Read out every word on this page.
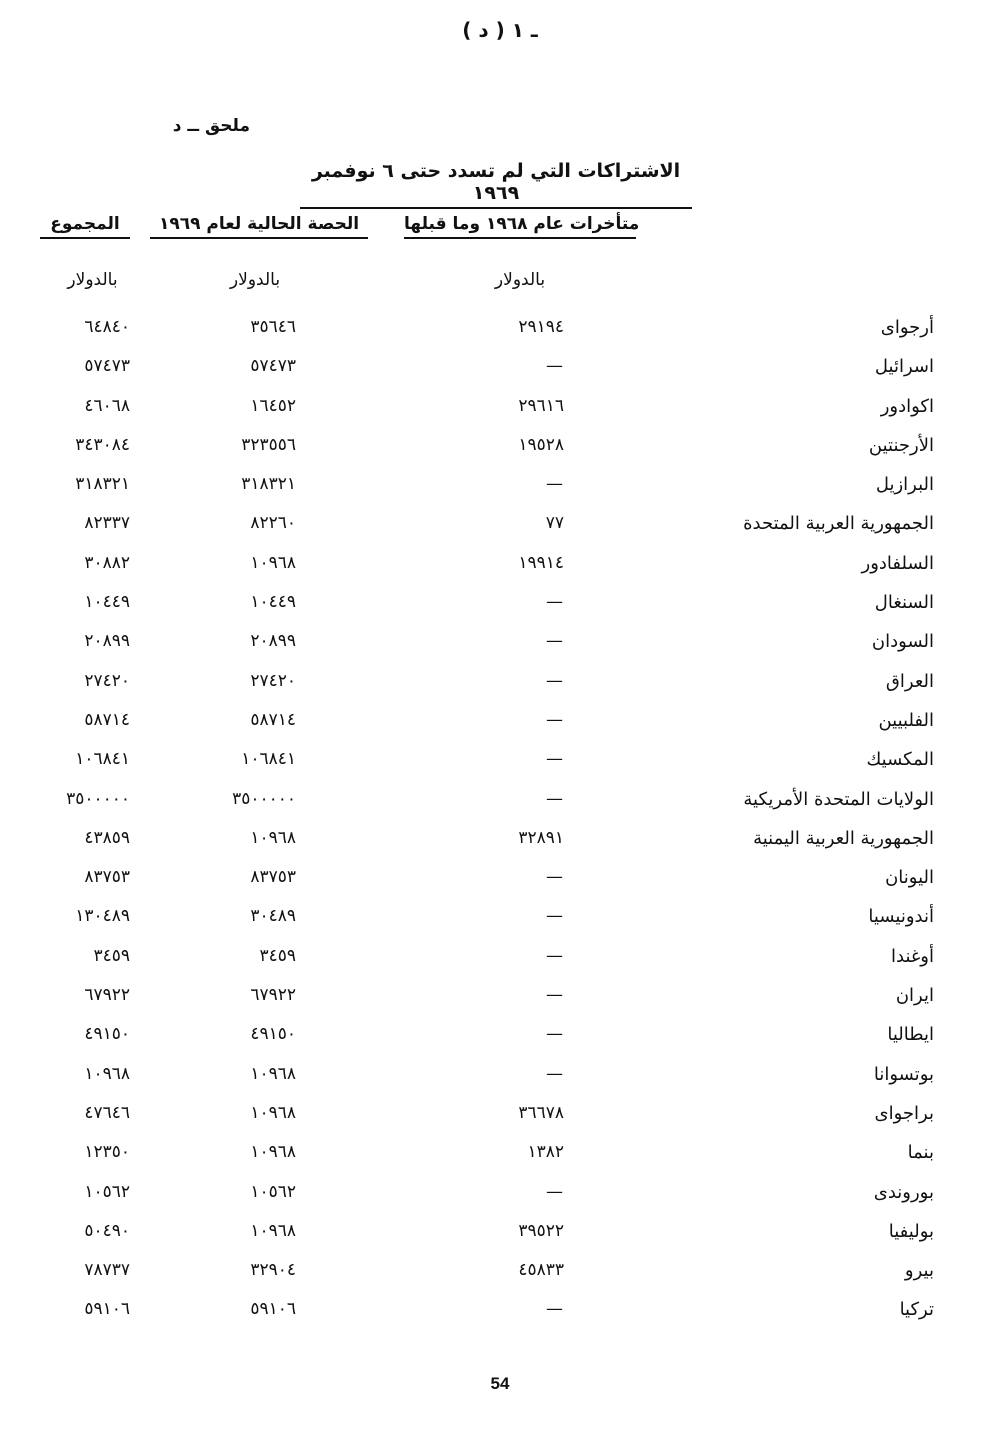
( د ) ـ ١
ملحق ــ د
الاشتراكات التي لم تسدد حتى ٦ نوفمبر ١٩٦٩
متأخرات عام ١٩٦٨ وما قبلها
الحصة الحالية لعام ١٩٦٩
المجموع
بالدولار
بالدولار
بالدولار
أرجواى
٢٩١٩٤
٣٥٦٤٦
٦٤٨٤٠
اسرائيل
—
٥٧٤٧٣
٥٧٤٧٣
اكوادور
٢٩٦١٦
١٦٤٥٢
٤٦٠٦٨
الأرجنتين
١٩٥٢٨
٣٢٣٥٥٦
٣٤٣٠٨٤
البرازيل
—
٣١٨٣٢١
٣١٨٣٢١
الجمهورية العربية المتحدة
٧٧
٨٢٢٦٠
٨٢٣٣٧
السلفادور
١٩٩١٤
١٠٩٦٨
٣٠٨٨٢
السنغال
—
١٠٤٤٩
١٠٤٤٩
السودان
—
٢٠٨٩٩
٢٠٨٩٩
العراق
—
٢٧٤٢٠
٢٧٤٢٠
الفلبيين
—
٥٨٧١٤
٥٨٧١٤
المكسيك
—
١٠٦٨٤١
١٠٦٨٤١
الولايات المتحدة الأمريكية
—
٣٥٠٠٠٠٠
٣٥٠٠٠٠٠
الجمهورية العربية اليمنية
٣٢٨٩١
١٠٩٦٨
٤٣٨٥٩
اليونان
—
٨٣٧٥٣
٨٣٧٥٣
أندونيسيا
—
٣٠٤٨٩
١٣٠٤٨٩
أوغندا
—
٣٤٥٩
٣٤٥٩
ايران
—
٦٧٩٢٢
٦٧٩٢٢
ايطاليا
—
٤٩١٥٠
٤٩١٥٠
بوتسوانا
—
١٠٩٦٨
١٠٩٦٨
براجواى
٣٦٦٧٨
١٠٩٦٨
٤٧٦٤٦
بنما
١٣٨٢
١٠٩٦٨
١٢٣٥٠
بوروندى
—
١٠٥٦٢
١٠٥٦٢
بوليفيا
٣٩٥٢٢
١٠٩٦٨
٥٠٤٩٠
بيرو
٤٥٨٣٣
٣٢٩٠٤
٧٨٧٣٧
تركيا
—
٥٩١٠٦
٥٩١٠٦
54
